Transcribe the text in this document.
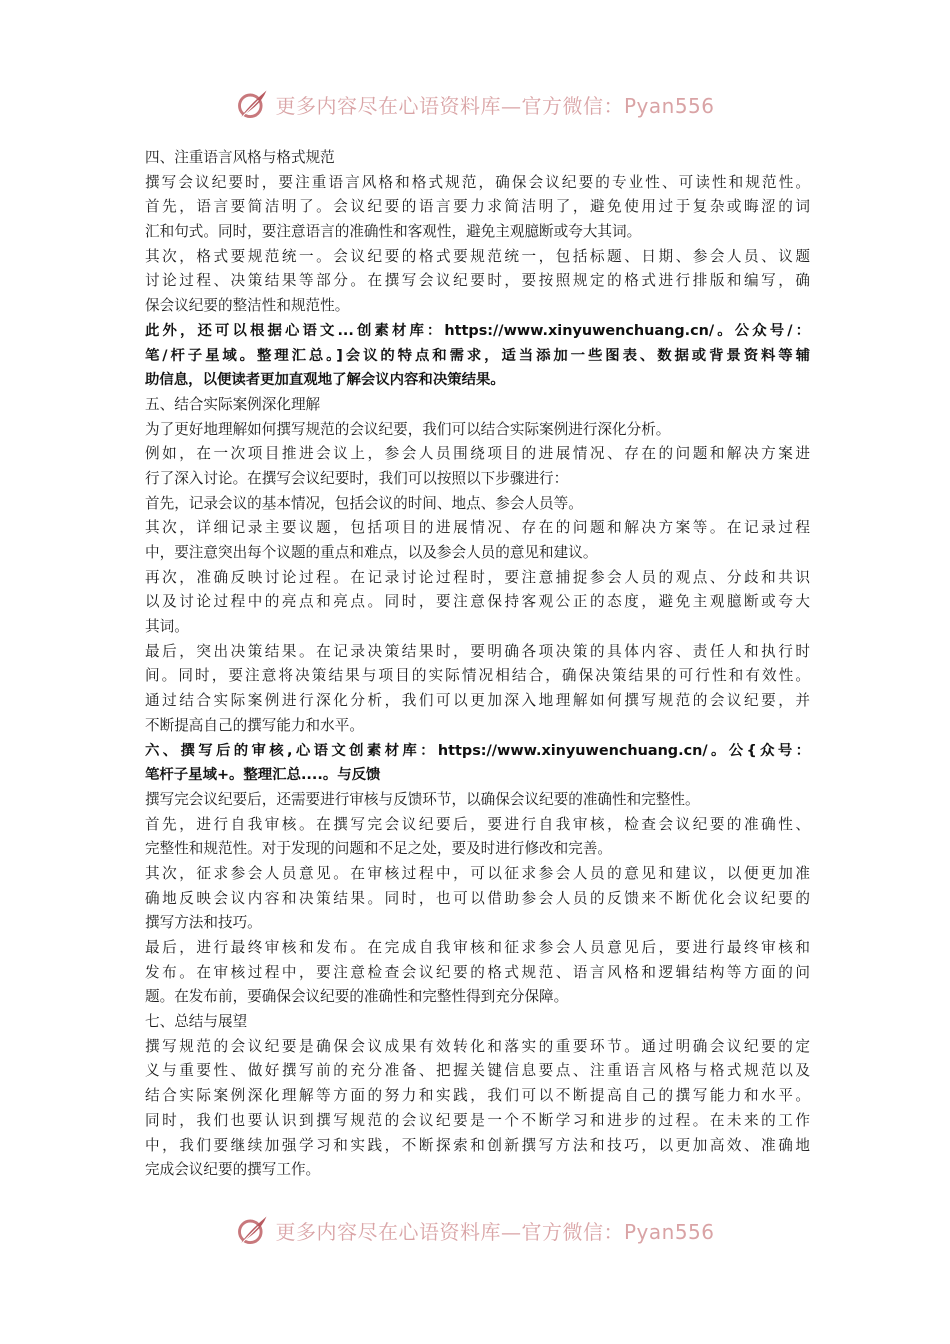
更多内容尽在心语资料库—官方微信：Pyan556
四、注重语言风格与格式规范
撰写会议纪要时，要注重语言风格和格式规范，确保会议纪要的专业性、可读性和规范性。
首先，语言要简洁明了。会议纪要的语言要力求简洁明了，避免使用过于复杂或晦涩的词
汇和句式。同时，要注意语言的准确性和客观性，避免主观臆断或夸大其词。
其次，格式要规范统一。会议纪要的格式要规范统一，包括标题、日期、参会人员、议题
讨论过程、决策结果等部分。在撰写会议纪要时，要按照规定的格式进行排版和编写，确
保会议纪要的整洁性和规范性。
此外，还可以根据心语文...创素材库：https://www.xinyuwenchuang.cn/。公众号/：
笔/杆子星域。整理汇总。]会议的特点和需求，适当添加一些图表、数据或背景资料等辅
助信息，以便读者更加直观地了解会议内容和决策结果。
五、结合实际案例深化理解
为了更好地理解如何撰写规范的会议纪要，我们可以结合实际案例进行深化分析。
例如，在一次项目推进会议上，参会人员围绕项目的进展情况、存在的问题和解决方案进
行了深入讨论。在撰写会议纪要时，我们可以按照以下步骤进行：
首先，记录会议的基本情况，包括会议的时间、地点、参会人员等。
其次，详细记录主要议题，包括项目的进展情况、存在的问题和解决方案等。在记录过程
中，要注意突出每个议题的重点和难点，以及参会人员的意见和建议。
再次，准确反映讨论过程。在记录讨论过程时，要注意捕捉参会人员的观点、分歧和共识
以及讨论过程中的亮点和亮点。同时，要注意保持客观公正的态度，避免主观臆断或夸大
其词。
最后，突出决策结果。在记录决策结果时，要明确各项决策的具体内容、责任人和执行时
间。同时，要注意将决策结果与项目的实际情况相结合，确保决策结果的可行性和有效性。
通过结合实际案例进行深化分析，我们可以更加深入地理解如何撰写规范的会议纪要，并
不断提高自己的撰写能力和水平。
六、撰写后的审核,心语文创素材库：https://www.xinyuwenchuang.cn/。公{众号：
笔杆子星域+。整理汇总....。与反馈
撰写完会议纪要后，还需要进行审核与反馈环节，以确保会议纪要的准确性和完整性。
首先，进行自我审核。在撰写完会议纪要后，要进行自我审核，检查会议纪要的准确性、
完整性和规范性。对于发现的问题和不足之处，要及时进行修改和完善。
其次，征求参会人员意见。在审核过程中，可以征求参会人员的意见和建议，以便更加准
确地反映会议内容和决策结果。同时，也可以借助参会人员的反馈来不断优化会议纪要的
撰写方法和技巧。
最后，进行最终审核和发布。在完成自我审核和征求参会人员意见后，要进行最终审核和
发布。在审核过程中，要注意检查会议纪要的格式规范、语言风格和逻辑结构等方面的问
题。在发布前，要确保会议纪要的准确性和完整性得到充分保障。
七、总结与展望
撰写规范的会议纪要是确保会议成果有效转化和落实的重要环节。通过明确会议纪要的定
义与重要性、做好撰写前的充分准备、把握关键信息要点、注重语言风格与格式规范以及
结合实际案例深化理解等方面的努力和实践，我们可以不断提高自己的撰写能力和水平。
同时，我们也要认识到撰写规范的会议纪要是一个不断学习和进步的过程。在未来的工作
中，我们要继续加强学习和实践，不断探索和创新撰写方法和技巧，以更加高效、准确地
完成会议纪要的撰写工作。
更多内容尽在心语资料库—官方微信：Pyan556
